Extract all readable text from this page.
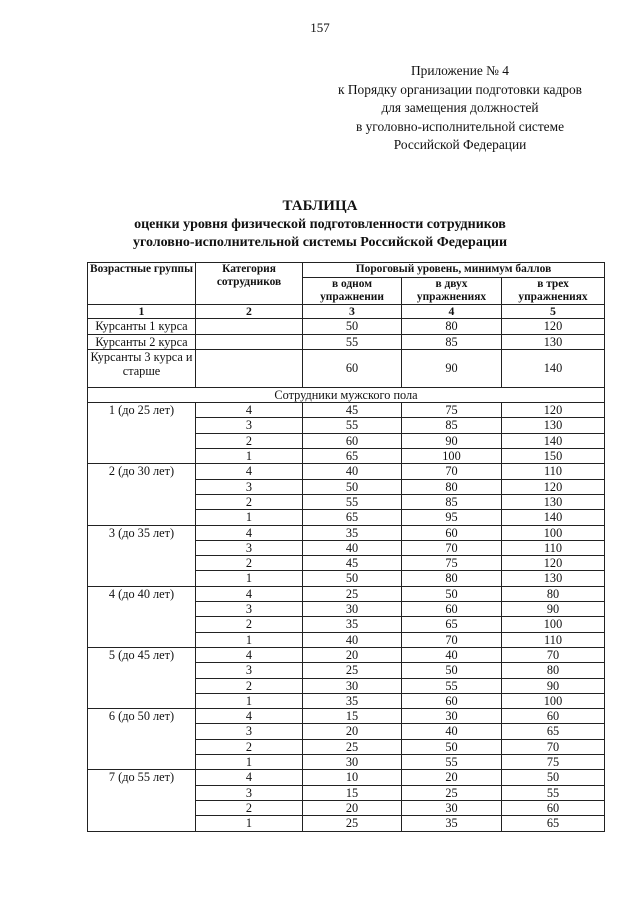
157
Приложение № 4
к Порядку организации подготовки кадров
для замещения должностей
в уголовно-исполнительной системе
Российской Федерации
ТАБЛИЦА
оценки уровня физической подготовленности сотрудников
уголовно-исполнительной системы Российской Федерации
Возрастные группы	Категория сотрудников	Пороговый уровень, минимум баллов		
		в одном упражнении	в двух упражнениях	в трех упражнениях
1	2	3	4	5
Курсанты 1 курса		50	80	120
Курсанты 2 курса		55	85	130
Курсанты 3 курса и старше		60	90	140
Сотрудники мужского пола				
1 (до 25 лет)	4	45	75	120
	3	55	85	130
	2	60	90	140
	1	65	100	150
2 (до 30 лет)	4	40	70	110
	3	50	80	120
	2	55	85	130
	1	65	95	140
3 (до 35 лет)	4	35	60	100
	3	40	70	110
	2	45	75	120
	1	50	80	130
4 (до 40 лет)	4	25	50	80
	3	30	60	90
	2	35	65	100
	1	40	70	110
5 (до 45 лет)	4	20	40	70
	3	25	50	80
	2	30	55	90
	1	35	60	100
6 (до 50 лет)	4	15	30	60
	3	20	40	65
	2	25	50	70
	1	30	55	75
7 (до 55 лет)	4	10	20	50
	3	15	25	55
	2	20	30	60
	1	25	35	65
